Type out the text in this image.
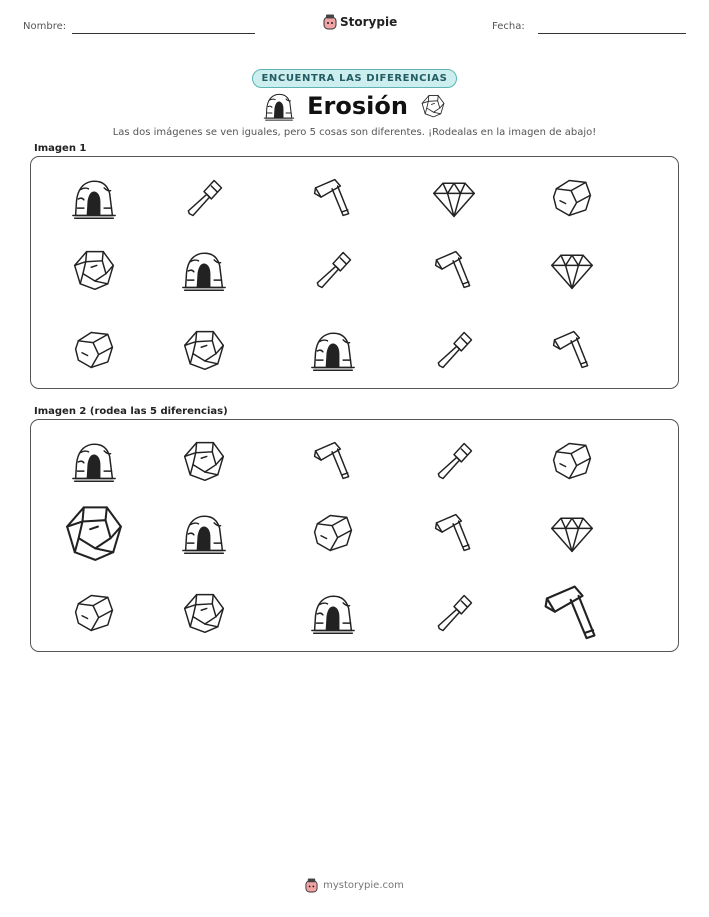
Nombre:	Storypie	Fecha:
ENCUENTRA LAS DIFERENCIAS
Erosión
Las dos imágenes se ven iguales, pero 5 cosas son diferentes. ¡Rodealas en la imagen de abajo!
Imagen 1
Imagen 2 (rodea las 5 diferencias)
mystorypie.com
